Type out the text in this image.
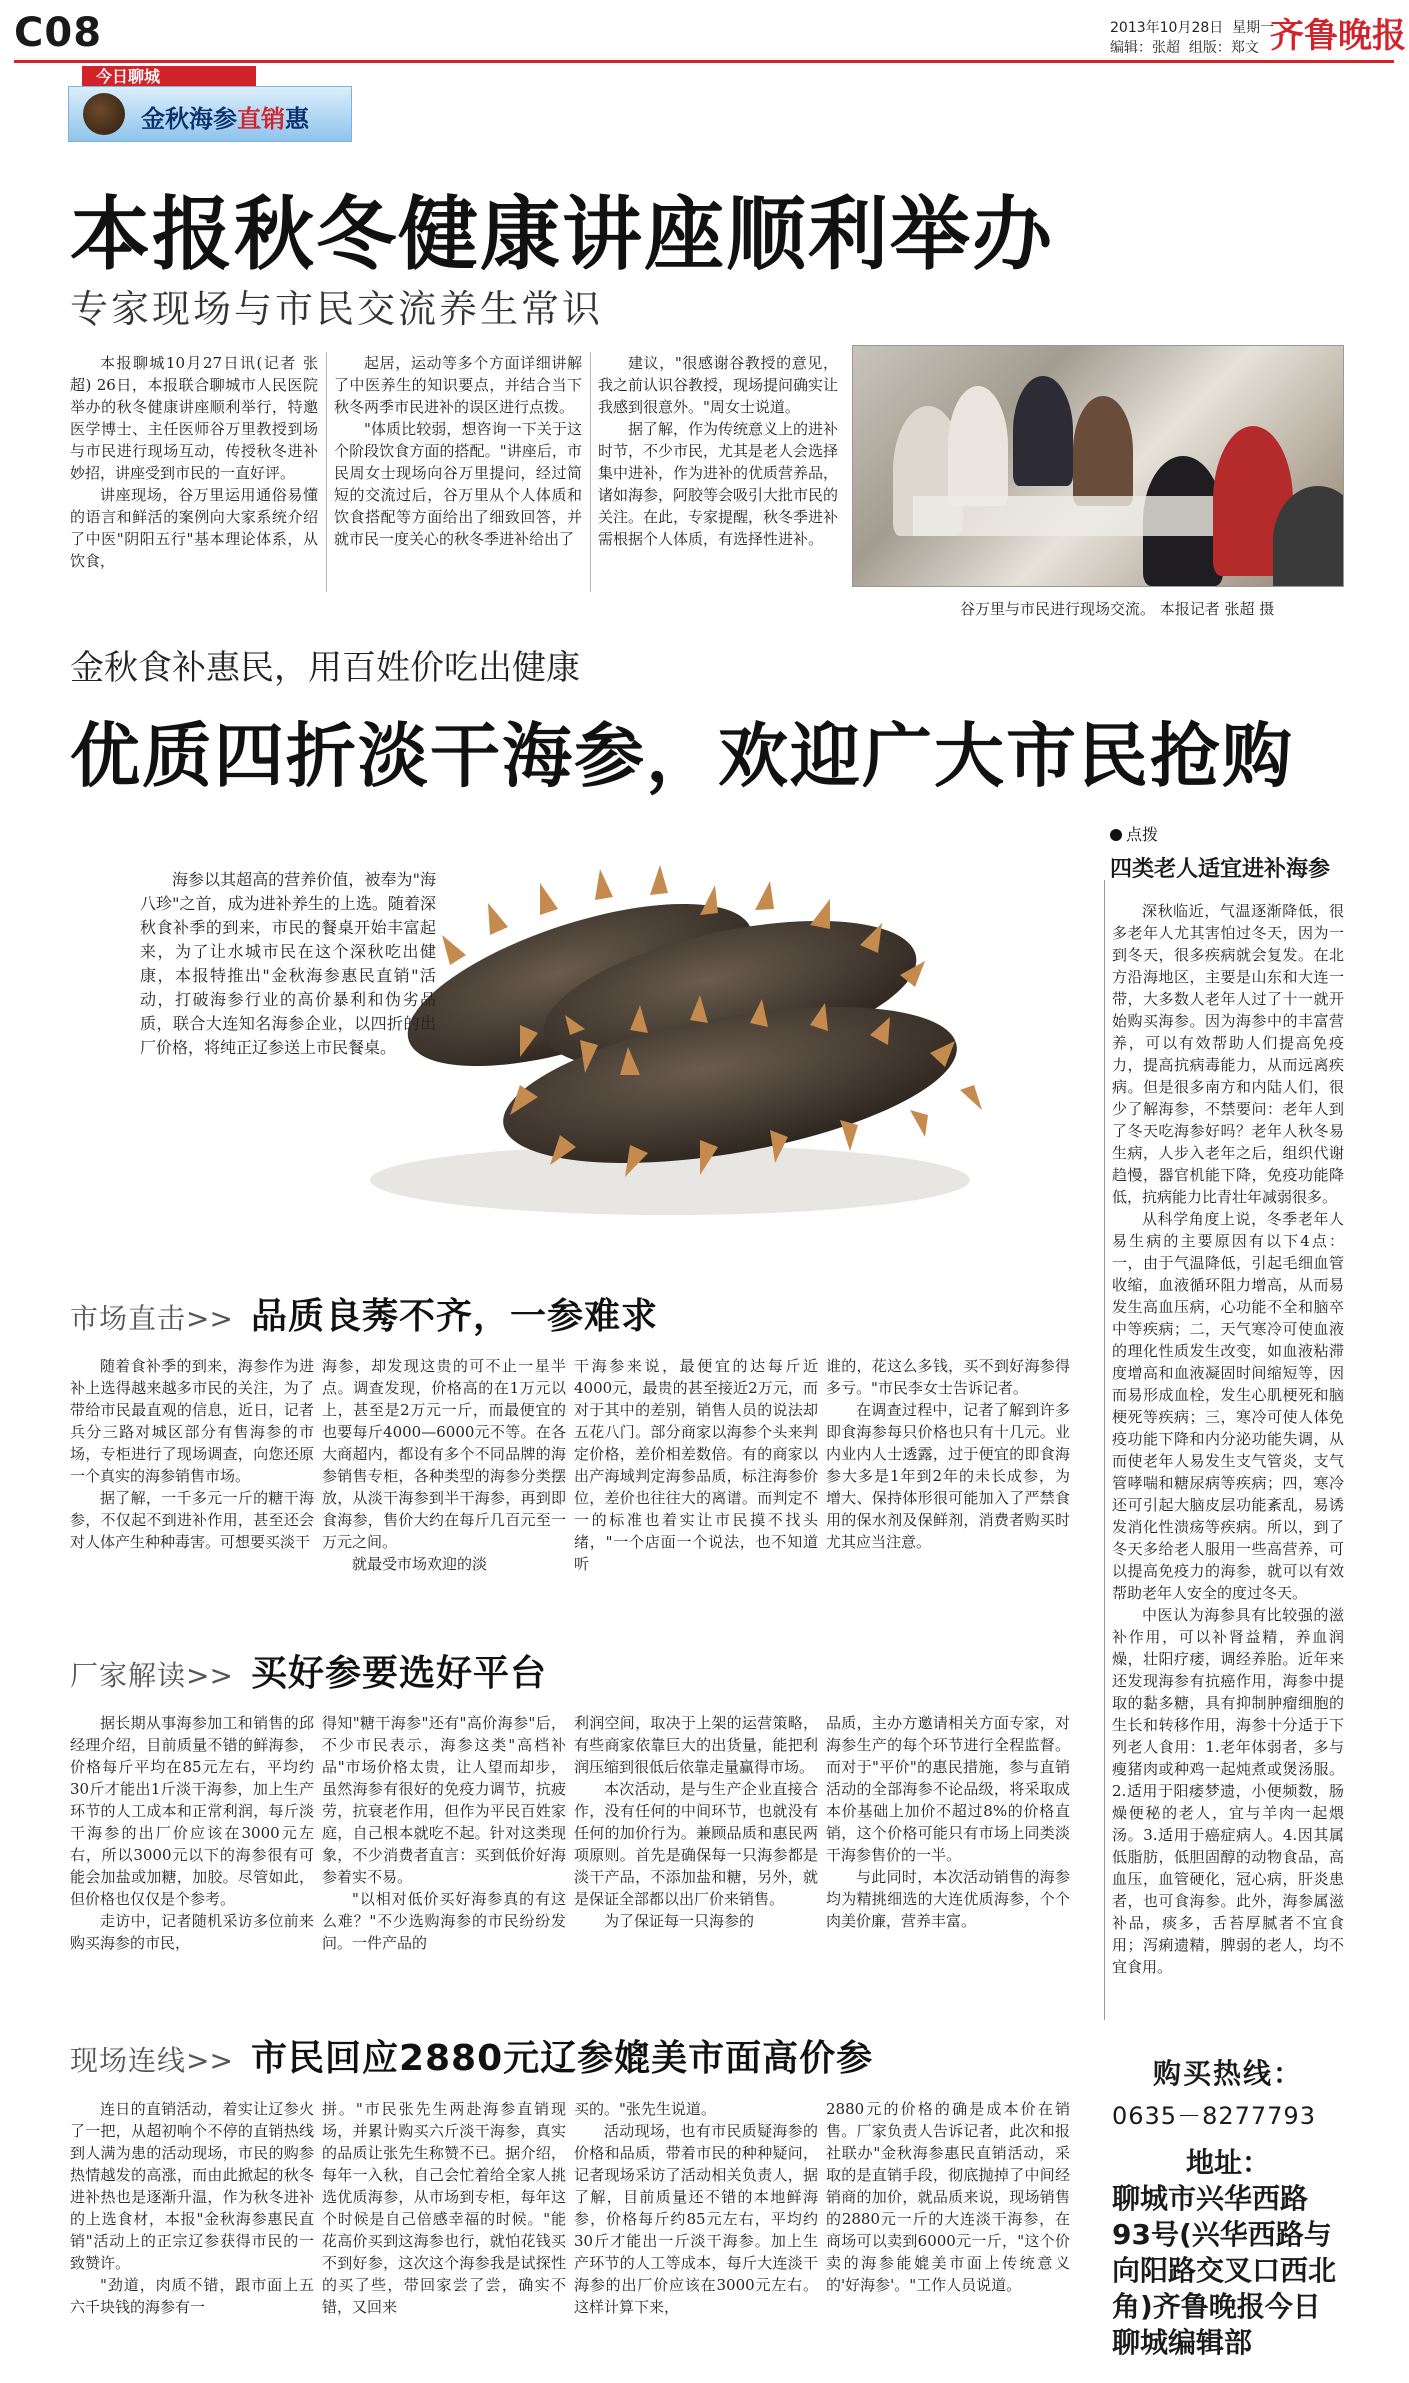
C08	2013年10月28日 星期一
编辑：张超 组版：郑文 齐鲁晚报
今日聊城
金秋海参直销惠
本报秋冬健康讲座顺利举办
专家现场与市民交流养生常识

本报聊城10月27日讯(记者 张超) 26日，本报联合聊城市人民医院举办的秋冬健康讲座顺利举行，特邀医学博士、主任医师谷万里教授到场与市民进行现场互动，传授秋冬进补妙招，讲座受到市民的一直好评。

讲座现场，谷万里运用通俗易懂的语言和鲜活的案例向大家系统介绍了中医"阴阳五行"基本理论体系，从饮食，

起居，运动等多个方面详细讲解了中医养生的知识要点，并结合当下秋冬两季市民进补的误区进行点拨。

"体质比较弱，想咨询一下关于这个阶段饮食方面的搭配。"讲座后，市民周女士现场向谷万里提问，经过简短的交流过后，谷万里从个人体质和饮食搭配等方面给出了细致回答，并就市民一度关心的秋冬季进补给出了

建议，"很感谢谷教授的意见，我之前认识谷教授，现场提问确实让我感到很意外。"周女士说道。

据了解，作为传统意义上的进补时节，不少市民，尤其是老人会选择集中进补，作为进补的优质营养品，诸如海参，阿胶等会吸引大批市民的关注。在此，专家提醒，秋冬季进补需根据个人体质，有选择性进补。

谷万里与市民进行现场交流。 本报记者 张超 摄
金秋食补惠民，用百姓价吃出健康
优质四折淡干海参，欢迎广大市民抢购

海参以其超高的营养价值，被奉为"海八珍"之首，成为进补养生的上选。随着深秋食补季的到来，市民的餐桌开始丰富起来，为了让水城市民在这个深秋吃出健康，本报特推出"金秋海参惠民直销"活动，打破海参行业的高价暴利和伪劣品质，联合大连知名海参企业，以四折的出厂价格，将纯正辽参送上市民餐桌。

市场直击>> 品质良莠不齐，一参难求

随着食补季的到来，海参作为进补上选得越来越多市民的关注，为了带给市民最直观的信息，近日，记者兵分三路对城区部分有售海参的市场，专柜进行了现场调查，向您还原一个真实的海参销售市场。

据了解，一千多元一斤的糖干海参，不仅起不到进补作用，甚至还会对人体产生种种毒害。可想要买淡干

海参，却发现这贵的可不止一星半点。调查发现，价格高的在1万元以上，甚至是2万元一斤，而最便宜的也要每斤4000—6000元不等。在各大商超内，都设有多个不同品牌的海参销售专柜，各种类型的海参分类摆放，从淡干海参到半干海参，再到即食海参，售价大约在每斤几百元至一万元之间。

就最受市场欢迎的淡

干海参来说，最便宜的达每斤近4000元，最贵的甚至接近2万元，而对于其中的差别，销售人员的说法却五花八门。部分商家以海参个头来判定价格，差价相差数倍。有的商家以出产海域判定海参品质，标注海参价位，差价也往往大的离谱。而判定不一的标准也着实让市民摸不找头绪，"一个店面一个说法，也不知道听

谁的，花这么多钱，买不到好海参得多亏。"市民李女士告诉记者。

在调查过程中，记者了解到许多即食海参每只价格也只有十几元。业内业内人士透露，过于便宜的即食海参大多是1年到2年的未长成参，为增大、保持体形很可能加入了严禁食用的保水剂及保鲜剂，消费者购买时尤其应当注意。

厂家解读>> 买好参要选好平台

据长期从事海参加工和销售的邱经理介绍，目前质量不错的鲜海参，价格每斤平均在85元左右，平均约30斤才能出1斤淡干海参，加上生产环节的人工成本和正常利润，每斤淡干海参的出厂价应该在3000元左右，所以3000元以下的海参很有可能会加盐或加糖，加胶。尽管如此，但价格也仅仅是个参考。

走访中，记者随机采访多位前来购买海参的市民，

得知"糖干海参"还有"高价海参"后，不少市民表示，海参这类"高档补品"市场价格太贵，让人望而却步，虽然海参有很好的免疫力调节，抗疲劳，抗衰老作用，但作为平民百姓家庭，自己根本就吃不起。针对这类现象，不少消费者直言：买到低价好海参着实不易。

"以相对低价买好海参真的有这么难？"不少选购海参的市民纷纷发问。一件产品的

利润空间，取决于上架的运营策略，有些商家依靠巨大的出货量，能把利润压缩到很低后依靠走量赢得市场。

本次活动，是与生产企业直接合作，没有任何的中间环节，也就没有任何的加价行为。兼顾品质和惠民两项原则。首先是确保每一只海参都是淡干产品，不添加盐和糖，另外，就是保证全部都以出厂价来销售。

为了保证每一只海参的

品质，主办方邀请相关方面专家，对海参生产的每个环节进行全程监督。而对于"平价"的惠民措施，参与直销活动的全部海参不论品级，将采取成本价基础上加价不超过8%的价格直销，这个价格可能只有市场上同类淡干海参售价的一半。

与此同时，本次活动销售的海参均为精挑细选的大连优质海参，个个肉美价廉，营养丰富。

现场连线>> 市民回应2880元辽参媲美市面高价参

连日的直销活动，着实让辽参火了一把，从超初响个不停的直销热线到人满为患的活动现场，市民的购参热情越发的高涨，而由此掀起的秋冬进补热也是逐渐升温，作为秋冬进补的上选食材，本报"金秋海参惠民直销"活动上的正宗辽参获得市民的一致赞许。

"劲道，肉质不错，跟市面上五六千块钱的海参有一

拼。"市民张先生两赴海参直销现场，并累计购买六斤淡干海参，真实的品质让张先生称赞不已。据介绍，每年一入秋，自己会忙着给全家人挑选优质海参，从市场到专柜，每年这个时候是自己倍感幸福的时候。"能花高价买到这海参也行，就怕花钱买不到好参，这次这个海参我是试探性的买了些，带回家尝了尝，确实不错，又回来

买的。"张先生说道。

活动现场，也有市民质疑海参的价格和品质，带着市民的种种疑问，记者现场采访了活动相关负责人，据了解，目前质量还不错的本地鲜海参，价格每斤约85元左右，平均约30斤才能出一斤淡干海参。加上生产环节的人工等成本，每斤大连淡干海参的出厂价应该在3000元左右。这样计算下来，

2880元的价格的确是成本价在销售。厂家负责人告诉记者，此次和报社联办"金秋海参惠民直销活动，采取的是直销手段，彻底抛掉了中间经销商的加价，就品质来说，现场销售的2880元一斤的大连淡干海参，在商场可以卖到6000元一斤，"这个价卖的海参能媲美市面上传统意义的'好海参'。"工作人员说道。

点拨
四类老人适宜进补海参

深秋临近，气温逐渐降低，很多老年人尤其害怕过冬天，因为一到冬天，很多疾病就会复发。在北方沿海地区，主要是山东和大连一带，大多数人老年人过了十一就开始购买海参。因为海参中的丰富营养，可以有效帮助人们提高免疫力，提高抗病毒能力，从而远离疾病。但是很多南方和内陆人们，很少了解海参，不禁要问：老年人到了冬天吃海参好吗？老年人秋冬易生病，人步入老年之后，组织代谢趋慢，器官机能下降，免疫功能降低，抗病能力比青壮年减弱很多。

从科学角度上说，冬季老年人易生病的主要原因有以下4点：一，由于气温降低，引起毛细血管收缩，血液循环阻力增高，从而易发生高血压病，心功能不全和脑卒中等疾病；二，天气寒冷可使血液的理化性质发生改变，如血液粘滞度增高和血液凝固时间缩短等，因而易形成血栓，发生心肌梗死和脑梗死等疾病；三，寒冷可使人体免疫功能下降和内分泌功能失调，从而使老年人易发生支气管炎，支气管哮喘和糖尿病等疾病；四，寒冷还可引起大脑皮层功能紊乱，易诱发消化性溃疡等疾病。所以，到了冬天多给老人服用一些高营养，可以提高免疫力的海参，就可以有效帮助老年人安全的度过冬天。

中医认为海参具有比较强的滋补作用，可以补肾益精，养血润燥，壮阳疗痿，调经养胎。近年来还发现海参有抗癌作用，海参中提取的黏多糖，具有抑制肿瘤细胞的生长和转移作用，海参十分适于下列老人食用：1.老年体弱者，多与瘦猪肉或种鸡一起炖煮或煲汤服。2.适用于阳痿梦遗，小便频数，肠燥便秘的老人，宜与羊肉一起煨汤。3.适用于癌症病人。4.因其属低脂肪，低胆固醇的动物食品，高血压，血管硬化，冠心病，肝炎患者，也可食海参。此外，海参属滋补品，痰多，舌苔厚腻者不宜食用；泻痢遗精，脾弱的老人，均不宜食用。

购买热线：
0635－8277793
地址：
聊城市兴华西路93号(兴华西路与向阳路交叉口西北角)齐鲁晚报今日聊城编辑部
